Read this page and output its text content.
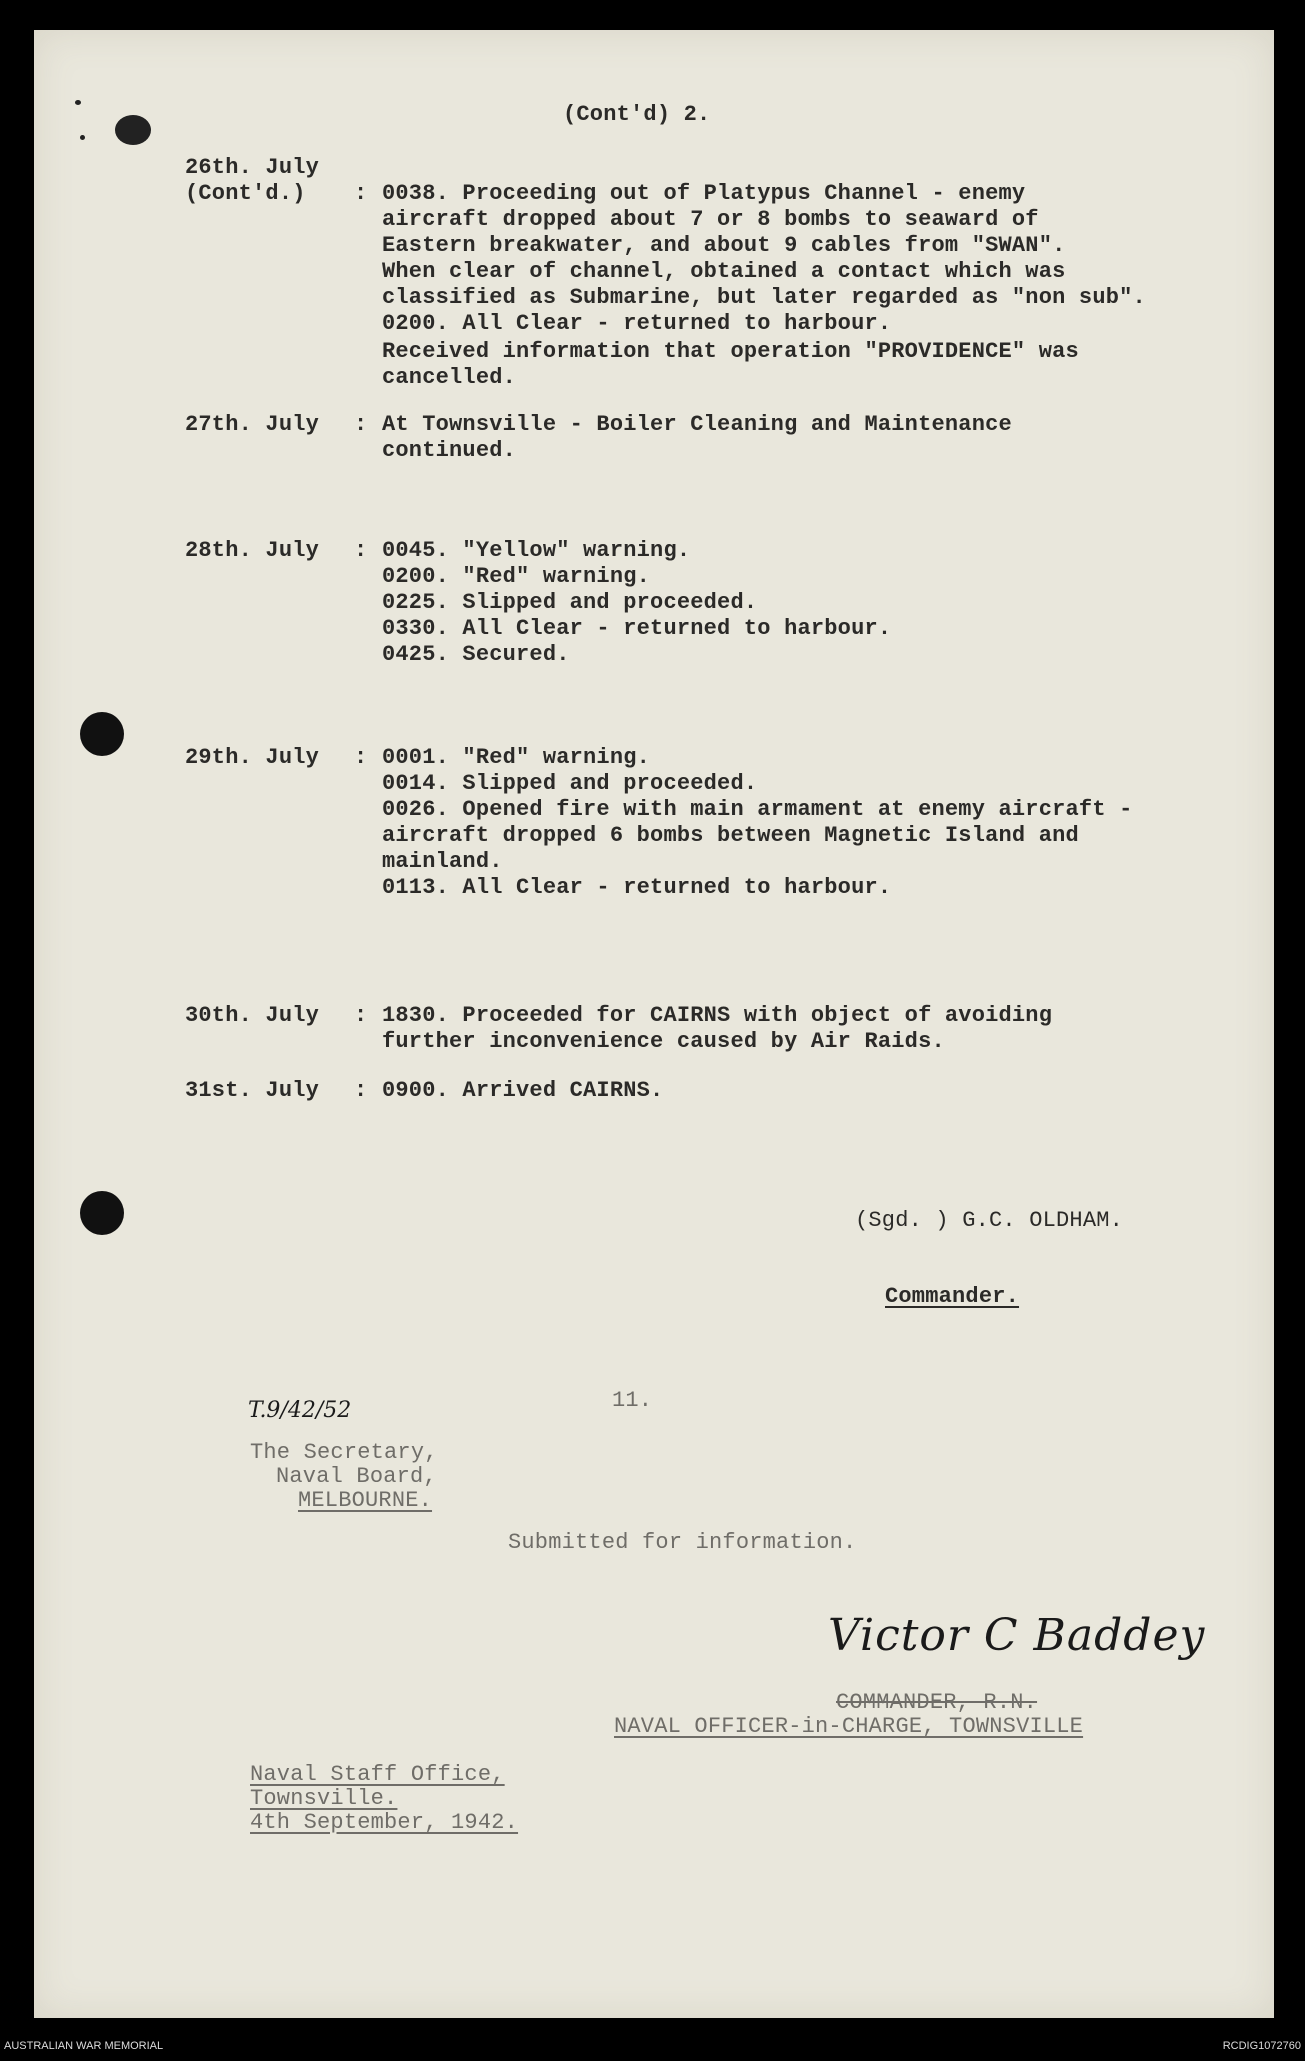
(Cont'd) 2.
26th. July
(Cont'd.) : 0038. Proceeding out of Platypus Channel - enemy
aircraft dropped about 7 or 8 bombs to seaward of
Eastern breakwater, and about 9 cables from "SWAN".
When clear of channel, obtained a contact which was
classified as Submarine, but later regarded as "non sub".
0200. All Clear - returned to harbour.
Received information that operation "PROVIDENCE" was
cancelled.
27th. July : At Townsville - Boiler Cleaning and Maintenance
continued.
28th. July : 0045. "Yellow" warning.
0200. "Red" warning.
0225. Slipped and proceeded.
0330. All Clear - returned to harbour.
0425. Secured.
29th. July : 0001. "Red" warning.
0014. Slipped and proceeded.
0026. Opened fire with main armament at enemy aircraft -
aircraft dropped 6 bombs between Magnetic Island and
mainland.
0113. All Clear - returned to harbour.
30th. July : 1830. Proceeded for CAIRNS with object of avoiding
further inconvenience caused by Air Raids.
31st. July : 0900. Arrived CAIRNS.
(Sgd. ) G.C. OLDHAM.
Commander.
11.
T.9/42/52
The Secretary,
Naval Board,
MELBOURNE.
Submitted for information.
Victor C Baddey
COMMANDER, R.N.
NAVAL OFFICER-in-CHARGE, TOWNSVILLE
Naval Staff Office,
Townsville.
4th September, 1942.
AUSTRALIAN WAR MEMORIAL	RCDIG1072760
